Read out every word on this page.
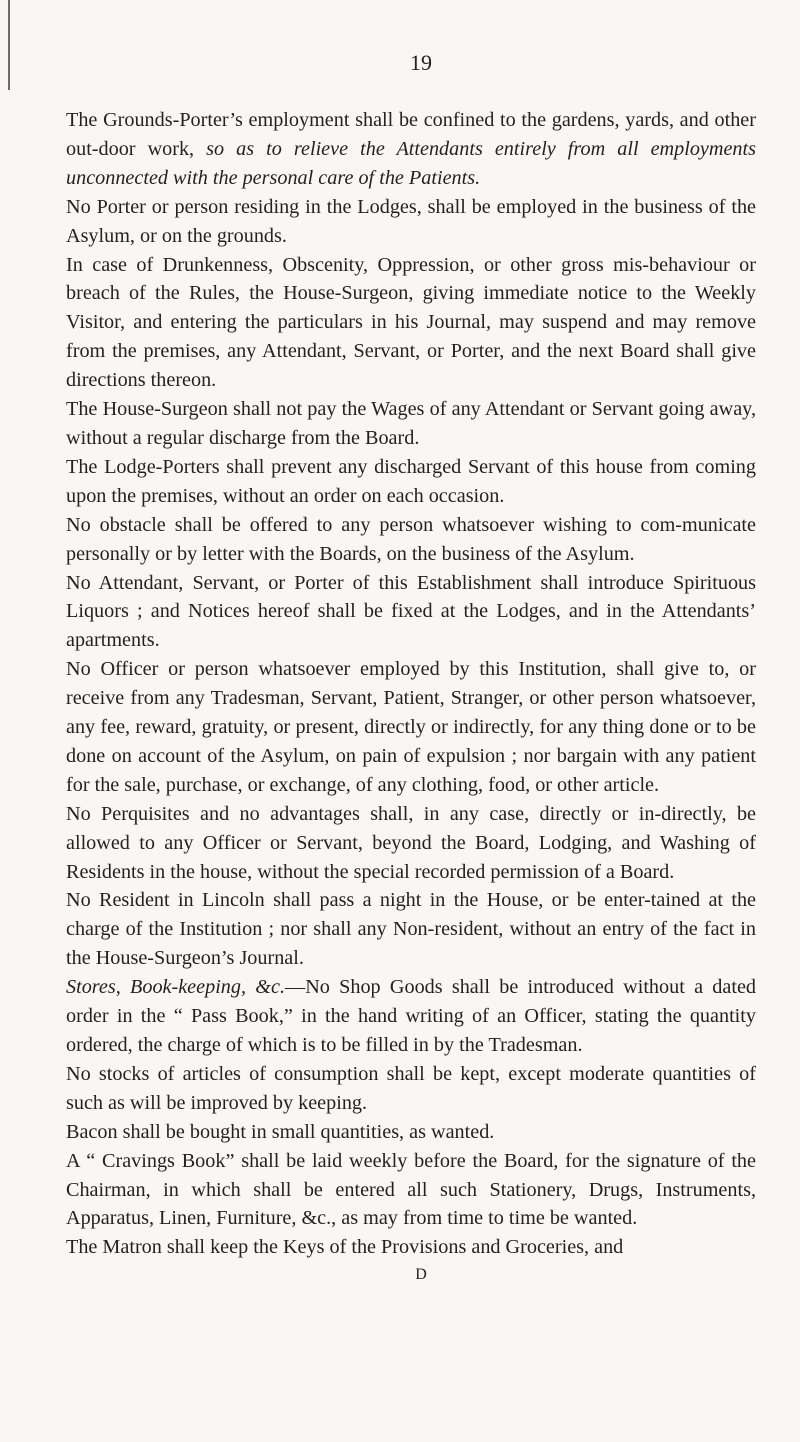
19

The Grounds-Porter’s employment shall be confined to the gardens, yards, and other out-door work, so as to relieve the Attendants entirely from all employments unconnected with the personal care of the Patients.

No Porter or person residing in the Lodges, shall be employed in the business of the Asylum, or on the grounds.

In case of Drunkenness, Obscenity, Oppression, or other gross mis-behaviour or breach of the Rules, the House-Surgeon, giving immediate notice to the Weekly Visitor, and entering the particulars in his Journal, may suspend and may remove from the premises, any Attendant, Servant, or Porter, and the next Board shall give directions thereon.

The House-Surgeon shall not pay the Wages of any Attendant or Servant going away, without a regular discharge from the Board.

The Lodge-Porters shall prevent any discharged Servant of this house from coming upon the premises, without an order on each occasion.

No obstacle shall be offered to any person whatsoever wishing to com-municate personally or by letter with the Boards, on the business of the Asylum.

No Attendant, Servant, or Porter of this Establishment shall introduce Spirituous Liquors ; and Notices hereof shall be fixed at the Lodges, and in the Attendants’ apartments.

No Officer or person whatsoever employed by this Institution, shall give to, or receive from any Tradesman, Servant, Patient, Stranger, or other person whatsoever, any fee, reward, gratuity, or present, directly or indirectly, for any thing done or to be done on account of the Asylum, on pain of expulsion ; nor bargain with any patient for the sale, purchase, or exchange, of any clothing, food, or other article.

No Perquisites and no advantages shall, in any case, directly or in-directly, be allowed to any Officer or Servant, beyond the Board, Lodging, and Washing of Residents in the house, without the special recorded permission of a Board.

No Resident in Lincoln shall pass a night in the House, or be enter-tained at the charge of the Institution ; nor shall any Non-resident, without an entry of the fact in the House-Surgeon’s Journal.

Stores, Book-keeping, &c.—No Shop Goods shall be introduced without a dated order in the “ Pass Book,” in the hand writing of an Officer, stating the quantity ordered, the charge of which is to be filled in by the Tradesman.

No stocks of articles of consumption shall be kept, except moderate quantities of such as will be improved by keeping.

Bacon shall be bought in small quantities, as wanted.

A “ Cravings Book” shall be laid weekly before the Board, for the signature of the Chairman, in which shall be entered all such Stationery, Drugs, Instruments, Apparatus, Linen, Furniture, &c., as may from time to time be wanted.

The Matron shall keep the Keys of the Provisions and Groceries, and

D
